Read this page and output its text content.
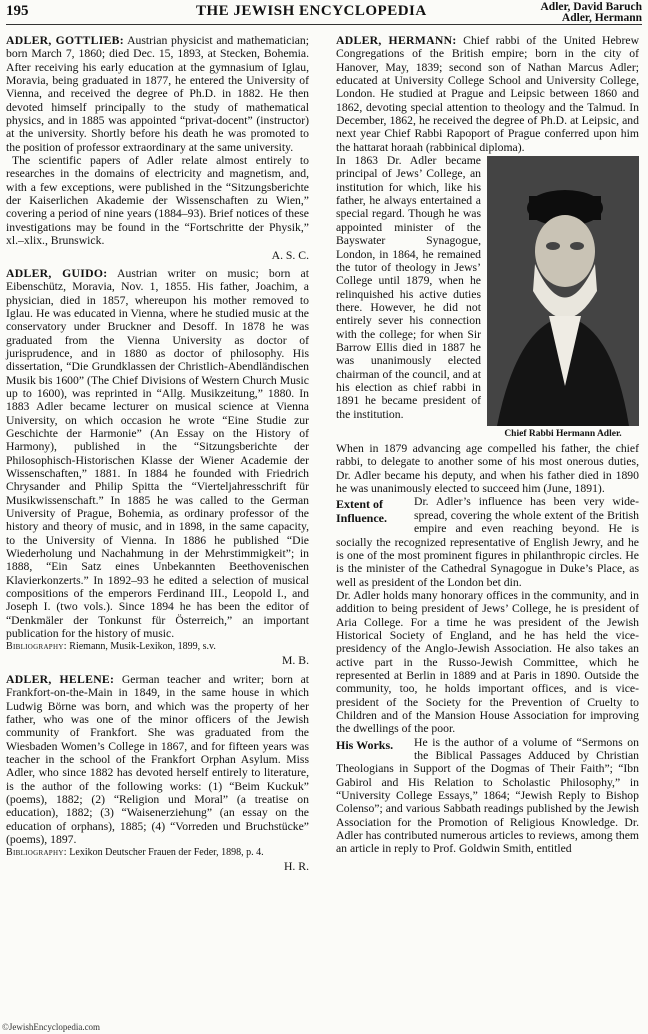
195	THE JEWISH ENCYCLOPEDIA	Adler, David Baruch
Adler, Hermann

ADLER, GOTTLIEB: Austrian physicist and mathematician; born March 7, 1860; died Dec. 15, 1893, at Stecken, Bohemia. After receiving his early education at the gymnasium of Iglau, Moravia, being graduated in 1877, he entered the University of Vienna, and received the degree of Ph.D. in 1882. He then devoted himself principally to the study of mathematical physics, and in 1885 was appointed “privat-docent” (instructor) at the university. Shortly before his death he was promoted to the position of professor extraordinary at the same university.

The scientific papers of Adler relate almost entirely to researches in the domains of electricity and magnetism, and, with a few exceptions, were published in the “Sitzungsberichte der Kaiserlichen Akademie der Wissenschaften zu Wien,” covering a period of nine years (1884–93). Brief notices of these investigations may be found in the “Fortschritte der Physik,” xl.–xlix., Brunswick.

A. S. C.

ADLER, GUIDO: Austrian writer on music; born at Eibenschütz, Moravia, Nov. 1, 1855. His father, Joachim, a physician, died in 1857, whereupon his mother removed to Iglau. He was educated in Vienna, where he studied music at the conservatory under Bruckner and Desoff. In 1878 he was graduated from the Vienna University as doctor of jurisprudence, and in 1880 as doctor of philosophy. His dissertation, “Die Grundklassen der Christlich-Abendländischen Musik bis 1600” (The Chief Divisions of Western Church Music up to 1600), was reprinted in “Allg. Musikzeitung,” 1880. In 1883 Adler became lecturer on musical science at Vienna University, on which occasion he wrote “Eine Studie zur Geschichte der Harmonie” (An Essay on the History of Harmony), published in the “Sitzungsberichte der Philosophisch-Historischen Klasse der Wiener Academie der Wissenschaften,” 1881. In 1884 he founded with Friedrich Chrysander and Philip Spitta the “Vierteljahresschrift für Musikwissenschaft.” In 1885 he was called to the German University of Prague, Bohemia, as ordinary professor of the history and theory of music, and in 1898, in the same capacity, to the University of Vienna. In 1886 he published “Die Wiederholung und Nachahmung in der Mehrstimmigkeit”; in 1888, “Ein Satz eines Unbekannten Beethovenischen Klavierkonzerts.” In 1892–93 he edited a selection of musical compositions of the emperors Ferdinand III., Leopold I., and Joseph I. (two vols.). Since 1894 he has been the editor of “Denkmäler der Tonkunst für Österreich,” an important publication for the history of music.

Bibliography: Riemann, Musik-Lexikon, 1899, s.v.
M. B.

ADLER, HELENE: German teacher and writer; born at Frankfort-on-the-Main in 1849, in the same house in which Ludwig Börne was born, and which was the property of her father, who was one of the minor officers of the Jewish community of Frankfort. She was graduated from the Wiesbaden Women’s College in 1867, and for fifteen years was teacher in the school of the Frankfort Orphan Asylum. Miss Adler, who since 1882 has devoted herself entirely to literature, is the author of the following works: (1) “Beim Kuckuk” (poems), 1882; (2) “Religion und Moral” (a treatise on education), 1882; (3) “Waisenerziehung” (an essay on the education of orphans), 1885; (4) “Vorreden und Bruchstücke” (poems), 1897.

Bibliography: Lexikon Deutscher Frauen der Feder, 1898, p. 4.
H. R.

ADLER, HERMANN: Chief rabbi of the United Hebrew Congregations of the British empire; born in the city of Hanover, May, 1839; second son of Nathan Marcus Adler; educated at University College School and University College, London. He studied at Prague and Leipsic between 1860 and 1862, devoting special attention to theology and the Talmud. In December, 1862, he received the degree of Ph.D. at Leipsic, and next year Chief Rabbi Rapoport of Prague conferred upon him the hattarat horaah (rabbinical diploma).

Chief Rabbi Hermann Adler.

In 1863 Dr. Adler became principal of Jews’ College, an institution for which, like his father, he always entertained a special regard. Though he was appointed minister of the Bayswater Synagogue, London, in 1864, he remained the tutor of theology in Jews’ College until 1879, when he relinquished his active duties there. However, he did not entirely sever his connection with the college; for when Sir Barrow Ellis died in 1887 he was unanimously elected chairman of the council, and at his election as chief rabbi in 1891 he became president of the institution.

When in 1879 advancing age compelled his father, the chief rabbi, to delegate to another some of his most onerous duties, Dr. Adler became his deputy, and when his father died in 1890 he was unanimously elected to succeed him (June, 1891).

Extent of Influence.

Dr. Adler’s influence has been very wide-spread, covering the whole extent of the British empire and even reaching beyond. He is socially the recognized representative of English Jewry, and he is one of the most prominent figures in philanthropic circles. He is the minister of the Cathedral Synagogue in Duke’s Place, as well as president of the London bet din.

Dr. Adler holds many honorary offices in the community, and in addition to being president of Jews’ College, he is president of Aria College. For a time he was president of the Jewish Historical Society of England, and he has held the vice-presidency of the Anglo-Jewish Association. He also takes an active part in the Russo-Jewish Committee, which he represented at Berlin in 1889 and at Paris in 1890. Outside the community, too, he holds important offices, and is vice-president of the Society for the Prevention of Cruelty to Children and of the Mansion House Association for improving the dwellings of the poor.

His Works.	He is the author of a volume of “Sermons on the Biblical Passages Adduced by Christian Theologians in Support of the Dogmas of Their Faith”; “Ibn Gabirol and His Relation to Scholastic Philosophy,” in “University College Essays,” 1864; “Jewish Reply to Bishop Colenso”; and various Sabbath readings published by the Jewish Association for the Promotion of Religious Knowledge. Dr. Adler has contributed numerous articles to reviews, among them an article in reply to Prof. Goldwin Smith, entitled

©JewishEncyclopedia.com
